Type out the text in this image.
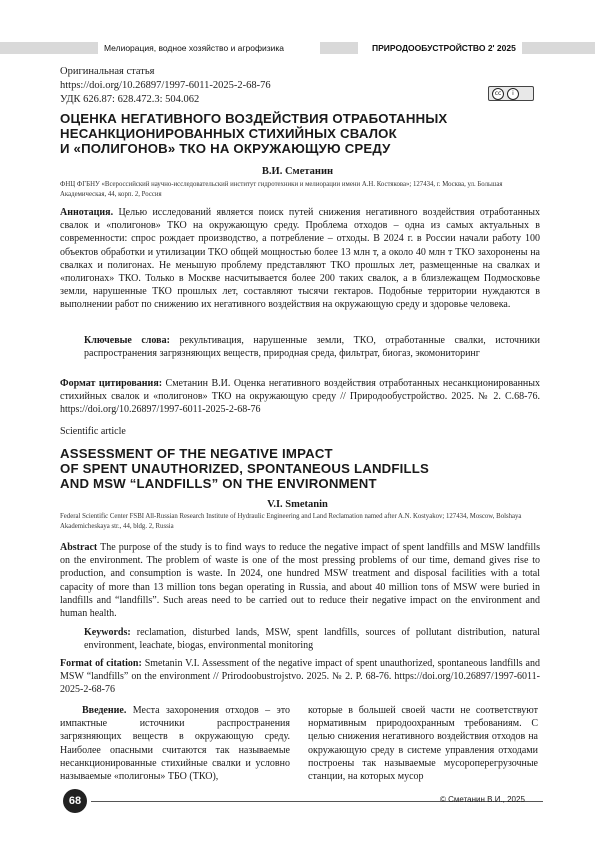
Мелиорация, водное хозяйство и агрофизика	ПРИРОДООБУСТРОЙСТВО 2' 2025
Оригинальная статья
https://doi.org/10.26897/1997-6011-2025-2-68-76
УДК 626.87: 628.472.3: 504.062
cc	i
ОЦЕНКА НЕГАТИВНОГО ВОЗДЕЙСТВИЯ ОТРАБОТАННЫХ
НЕСАНКЦИОНИРОВАННЫХ СТИХИЙНЫХ СВАЛОК
И «ПОЛИГОНОВ» ТКО НА ОКРУЖАЮЩУЮ СРЕДУ
В.И. Сметанин
ФНЦ ФГБНУ «Всероссийский научно-исследовательский институт гидротехники и мелиорации имени А.Н. Костякова»; 127434, г. Москва, ул. Большая Академическая, 44, корп. 2, Россия

Аннотация. Целью исследований является поиск путей снижения негативного воздействия отработанных свалок и «полигонов» ТКО на окружающую среду. Проблема отходов – одна из самых актуальных в современности: спрос рождает производство, а потребление – отходы. В 2024 г. в России начали работу 100 объектов обработки и утилизации ТКО общей мощностью более 13 млн т, а около 40 млн т ТКО захоронены на свалках и полигонах. Не меньшую проблему представляют ТКО прошлых лет, размещенные на свалках и «полигонах» ТКО. Только в Москве насчитывается более 200 таких свалок, а в близлежащем Подмосковье земли, нарушенные ТКО прошлых лет, составляют тысячи гектаров. Подобные территории нуждаются в выполнении работ по снижению их негативного воздействия на окружающую среду и здоровье человека.

Ключевые слова: рекультивация, нарушенные земли, ТКО, отработанные свалки, источники распространения загрязняющих веществ, природная среда, фильтрат, биогаз, экомониторинг

Формат цитирования: Сметанин В.И. Оценка негативного воздействия отработанных несанкционированных стихийных свалок и «полигонов» ТКО на окружающую среду // Природообустройство. 2025. № 2. С.68-76. https://doi.org/10.26897/1997-6011-2025-2-68-76

Scientific article
ASSESSMENT OF THE NEGATIVE IMPACT
OF SPENT UNAUTHORIZED, SPONTANEOUS LANDFILLS
AND MSW “LANDFILLS” ON THE ENVIRONMENT
V.I. Smetanin
Federal Scientific Center FSBI All-Russian Research Institute of Hydraulic Engineering and Land Reclamation named after A.N. Kostyakov; 127434, Moscow, Bolshaya Akademicheskaya str., 44, bldg. 2, Russia

Abstract The purpose of the study is to find ways to reduce the negative impact of spent landfills and MSW landfills on the environment. The problem of waste is one of the most pressing problems of our time, demand gives rise to production, and consumption is waste. In 2024, one hundred MSW treatment and disposal facilities with a total capacity of more than 13 million tons began operating in Russia, and about 40 million tons of MSW were buried in landfills and “landfills”. Such areas need to be carried out to reduce their negative impact on the environment and human health.

Keywords: reclamation, disturbed lands, MSW, spent landfills, sources of pollutant distribution, natural environment, leachate, biogas, environmental monitoring

Format of citation: Smetanin V.I. Assessment of the negative impact of spent unauthorized, spontaneous landfills and MSW “landfills” on the environment // Prirodoobustrojstvo. 2025. № 2. P. 68-76. https://doi.org/10.26897/1997-6011-2025-2-68-76

Введение. Места захоронения отходов – это импактные источники распространения загрязняющих веществ в окружающую среду. Наиболее опасными считаются так называемые несанкционированные стихийные свалки и условно называемые «полигоны» ТБО (ТКО),

которые в большей своей части не соответствуют нормативным природоохранным требованиям. С целью снижения негативного воздействия отходов на окружающую среду в системе управления отходами построены так называемые мусороперегрузочные станции, на которых мусор

68	© Сметанин В.И., 2025
